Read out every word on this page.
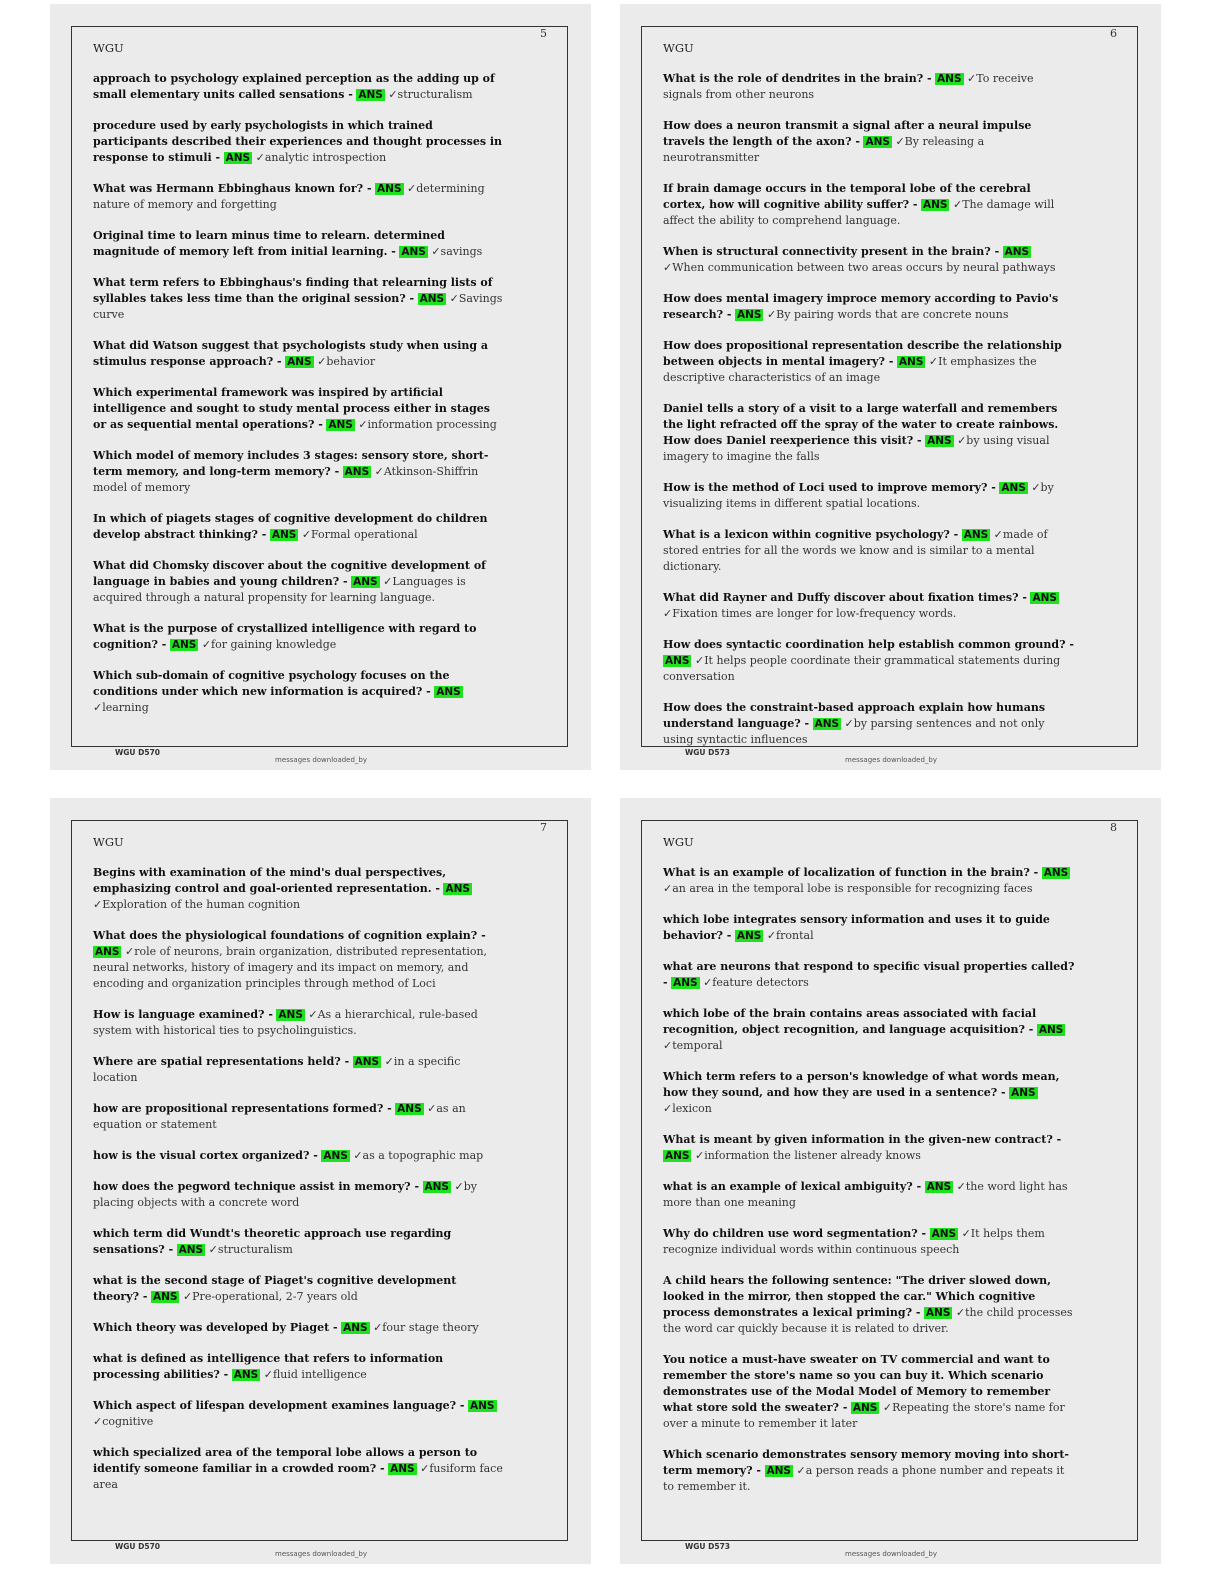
5
WGU

approach to psychology explained perception as the adding up of small elementary units called sensations - ANS ✓structuralism

procedure used by early psychologists in which trained participants described their experiences and thought processes in response to stimuli - ANS ✓analytic introspection

What was Hermann Ebbinghaus known for? - ANS ✓determining nature of memory and forgetting

Original time to learn minus time to relearn. determined magnitude of memory left from initial learning. - ANS ✓savings

What term refers to Ebbinghaus's finding that relearning lists of syllables takes less time than the original session? - ANS ✓Savings curve

What did Watson suggest that psychologists study when using a stimulus response approach? - ANS ✓behavior

Which experimental framework was inspired by artificial intelligence and sought to study mental process either in stages or as sequential mental operations? - ANS ✓information processing

Which model of memory includes 3 stages: sensory store, short-term memory, and long-term memory? - ANS ✓Atkinson-Shiffrin model of memory

In which of piagets stages of cognitive development do children develop abstract thinking? - ANS ✓Formal operational

What did Chomsky discover about the cognitive development of language in babies and young children? - ANS ✓Languages is acquired through a natural propensity for learning language.

What is the purpose of crystallized intelligence with regard to cognition? - ANS ✓for gaining knowledge

Which sub-domain of cognitive psychology focuses on the conditions under which new information is acquired? - ANS ✓learning

WGU D570
messages downloaded_by
6
WGU

What is the role of dendrites in the brain? - ANS ✓To receive signals from other neurons

How does a neuron transmit a signal after a neural impulse travels the length of the axon? - ANS ✓By releasing a neurotransmitter

If brain damage occurs in the temporal lobe of the cerebral cortex, how will cognitive ability suffer? - ANS ✓The damage will affect the ability to comprehend language.

When is structural connectivity present in the brain? - ANS ✓When communication between two areas occurs by neural pathways

How does mental imagery improce memory according to Pavio's research? - ANS ✓By pairing words that are concrete nouns

How does propositional representation describe the relationship between objects in mental imagery? - ANS ✓It emphasizes the descriptive characteristics of an image

Daniel tells a story of a visit to a large waterfall and remembers the light refracted off the spray of the water to create rainbows. How does Daniel reexperience this visit? - ANS ✓by using visual imagery to imagine the falls

How is the method of Loci used to improve memory? - ANS ✓by visualizing items in different spatial locations.

What is a lexicon within cognitive psychology? - ANS ✓made of stored entries for all the words we know and is similar to a mental dictionary.

What did Rayner and Duffy discover about fixation times? - ANS ✓Fixation times are longer for low-frequency words.

How does syntactic coordination help establish common ground? - ANS ✓It helps people coordinate their grammatical statements during conversation

How does the constraint-based approach explain how humans understand language? - ANS ✓by parsing sentences and not only using syntactic influences

WGU D573
messages downloaded_by
7
WGU

Begins with examination of the mind's dual perspectives, emphasizing control and goal-oriented representation. - ANS ✓Exploration of the human cognition

What does the physiological foundations of cognition explain? - ANS ✓role of neurons, brain organization, distributed representation, neural networks, history of imagery and its impact on memory, and encoding and organization principles through method of Loci

How is language examined? - ANS ✓As a hierarchical, rule-based system with historical ties to psycholinguistics.

Where are spatial representations held? - ANS ✓in a specific location

how are propositional representations formed? - ANS ✓as an equation or statement

how is the visual cortex organized? - ANS ✓as a topographic map

how does the pegword technique assist in memory? - ANS ✓by placing objects with a concrete word

which term did Wundt's theoretic approach use regarding sensations? - ANS ✓structuralism

what is the second stage of Piaget's cognitive development theory? - ANS ✓Pre-operational, 2-7 years old

Which theory was developed by Piaget - ANS ✓four stage theory

what is defined as intelligence that refers to information processing abilities? - ANS ✓fluid intelligence

Which aspect of lifespan development examines language? - ANS ✓cognitive

which specialized area of the temporal lobe allows a person to identify someone familiar in a crowded room? - ANS ✓fusiform face area

WGU D570
messages downloaded_by
8
WGU

What is an example of localization of function in the brain? - ANS ✓an area in the temporal lobe is responsible for recognizing faces

which lobe integrates sensory information and uses it to guide behavior? - ANS ✓frontal

what are neurons that respond to specific visual properties called? - ANS ✓feature detectors

which lobe of the brain contains areas associated with facial recognition, object recognition, and language acquisition? - ANS ✓temporal

Which term refers to a person's knowledge of what words mean, how they sound, and how they are used in a sentence? - ANS ✓lexicon

What is meant by given information in the given-new contract? - ANS ✓information the listener already knows

what is an example of lexical ambiguity? - ANS ✓the word light has more than one meaning

Why do children use word segmentation? - ANS ✓It helps them recognize individual words within continuous speech

A child hears the following sentence: "The driver slowed down, looked in the mirror, then stopped the car." Which cognitive process demonstrates a lexical priming? - ANS ✓the child processes the word car quickly because it is related to driver.

You notice a must-have sweater on TV commercial and want to remember the store's name so you can buy it. Which scenario demonstrates use of the Modal Model of Memory to remember what store sold the sweater? - ANS ✓Repeating the store's name for over a minute to remember it later

Which scenario demonstrates sensory memory moving into short-term memory? - ANS ✓a person reads a phone number and repeats it to remember it.

WGU D573
messages downloaded_by
